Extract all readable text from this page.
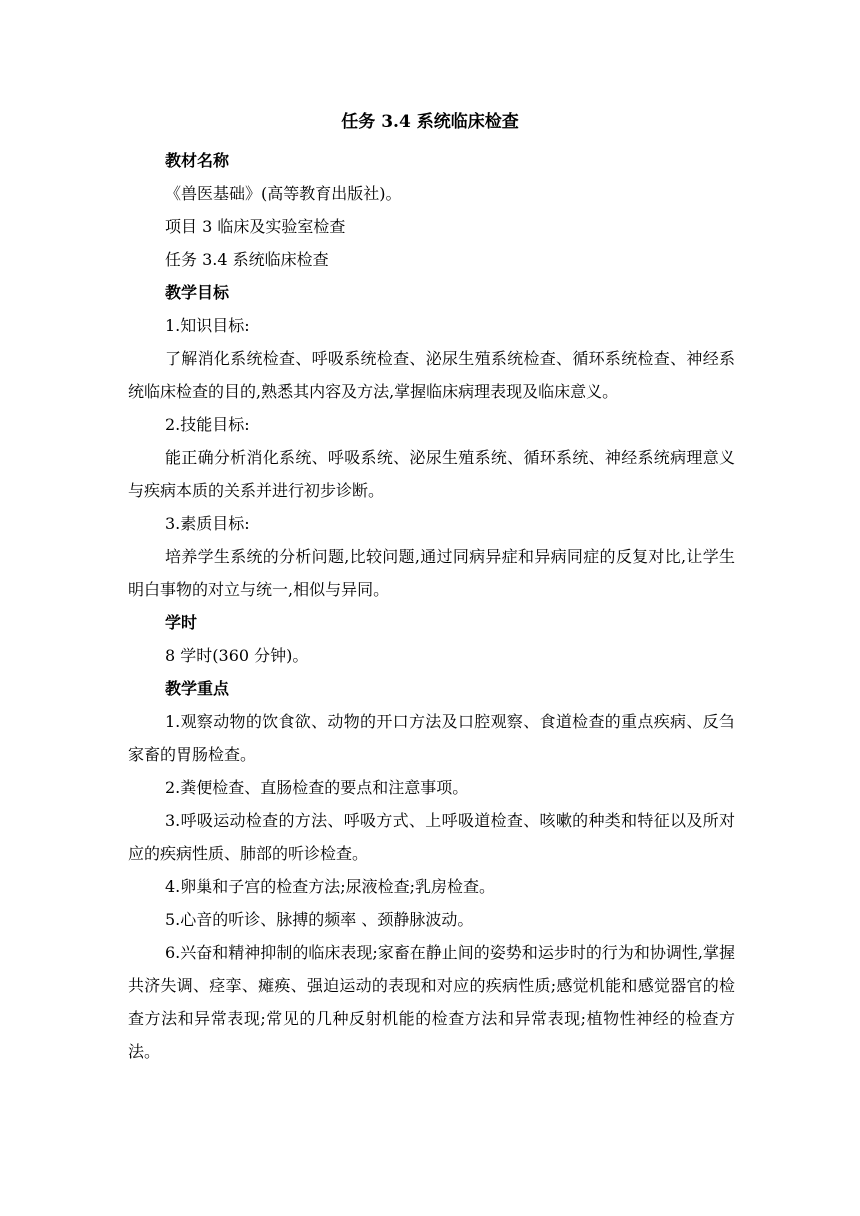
任务 3.4 系统临床检查
教材名称
《兽医基础》(高等教育出版社)。
项目 3 临床及实验室检查
任务 3.4 系统临床检查
教学目标
1.知识目标:
了解消化系统检查、呼吸系统检查、泌尿生殖系统检查、循环系统检查、神经系统临床检查的目的,熟悉其内容及方法,掌握临床病理表现及临床意义。
2.技能目标:
能正确分析消化系统、呼吸系统、泌尿生殖系统、循环系统、神经系统病理意义与疾病本质的关系并进行初步诊断。
3.素质目标:
培养学生系统的分析问题,比较问题,通过同病异症和异病同症的反复对比,让学生明白事物的对立与统一,相似与异同。
学时
8 学时(360 分钟)。
教学重点
1.观察动物的饮食欲、动物的开口方法及口腔观察、食道检查的重点疾病、反刍家畜的胃肠检查。
2.粪便检查、直肠检查的要点和注意事项。
3.呼吸运动检查的方法、呼吸方式、上呼吸道检查、咳嗽的种类和特征以及所对应的疾病性质、肺部的听诊检查。
4.卵巢和子宫的检查方法;尿液检查;乳房检查。
5.心音的听诊、脉搏的频率 、颈静脉波动。
6.兴奋和精神抑制的临床表现;家畜在静止间的姿势和运步时的行为和协调性,掌握共济失调、痉挛、瘫痪、强迫运动的表现和对应的疾病性质;感觉机能和感觉器官的检查方法和异常表现;常见的几种反射机能的检查方法和异常表现;植物性神经的检查方法。
